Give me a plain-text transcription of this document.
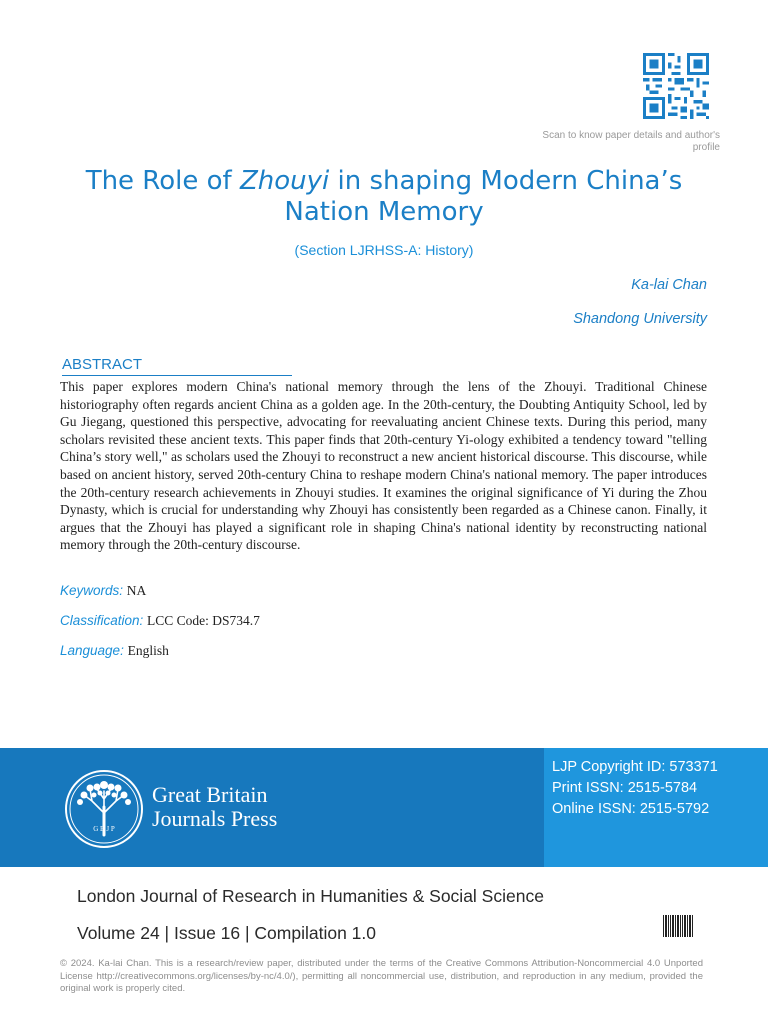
Scan to know paper details and author's profile
The Role of Zhouyi in shaping Modern China’s Nation Memory
(Section LJRHSS-A: History)
Ka-lai Chan
Shandong University
ABSTRACT

This paper explores modern China's national memory through the lens of the Zhouyi. Traditional Chinese historiography often regards ancient China as a golden age. In the 20th-century, the Doubting Antiquity School, led by Gu Jiegang, questioned this perspective, advocating for reevaluating ancient Chinese texts. During this period, many scholars revisited these ancient texts. This paper finds that 20th-century Yi-ology exhibited a tendency toward "telling China’s story well," as scholars used the Zhouyi to reconstruct a new ancient historical discourse. This discourse, while based on ancient history, served 20th-century China to reshape modern China's national memory. The paper introduces the 20th-century research achievements in Zhouyi studies. It examines the original significance of Yi during the Zhou Dynasty, which is crucial for understanding why Zhouyi has consistently been regarded as a Chinese canon. Finally, it argues that the Zhouyi has played a significant role in shaping China's national identity by reconstructing national memory through the 20th-century discourse.

Keywords: NA
Classification: LCC Code: DS734.7
Language: English
G B J P
Great Britain
Journals Press
LJP Copyright ID: 573371
Print ISSN: 2515-5784
Online ISSN: 2515-5792
London Journal of Research in Humanities & Social Science
Volume 24 | Issue 16 | Compilation 1.0

© 2024. Ka-lai Chan. This is a research/review paper, distributed under the terms of the Creative Commons Attribution-Noncommercial 4.0 Unported License http://creativecommons.org/licenses/by-nc/4.0/), permitting all noncommercial use, distribution, and reproduction in any medium, provided the original work is properly cited.
